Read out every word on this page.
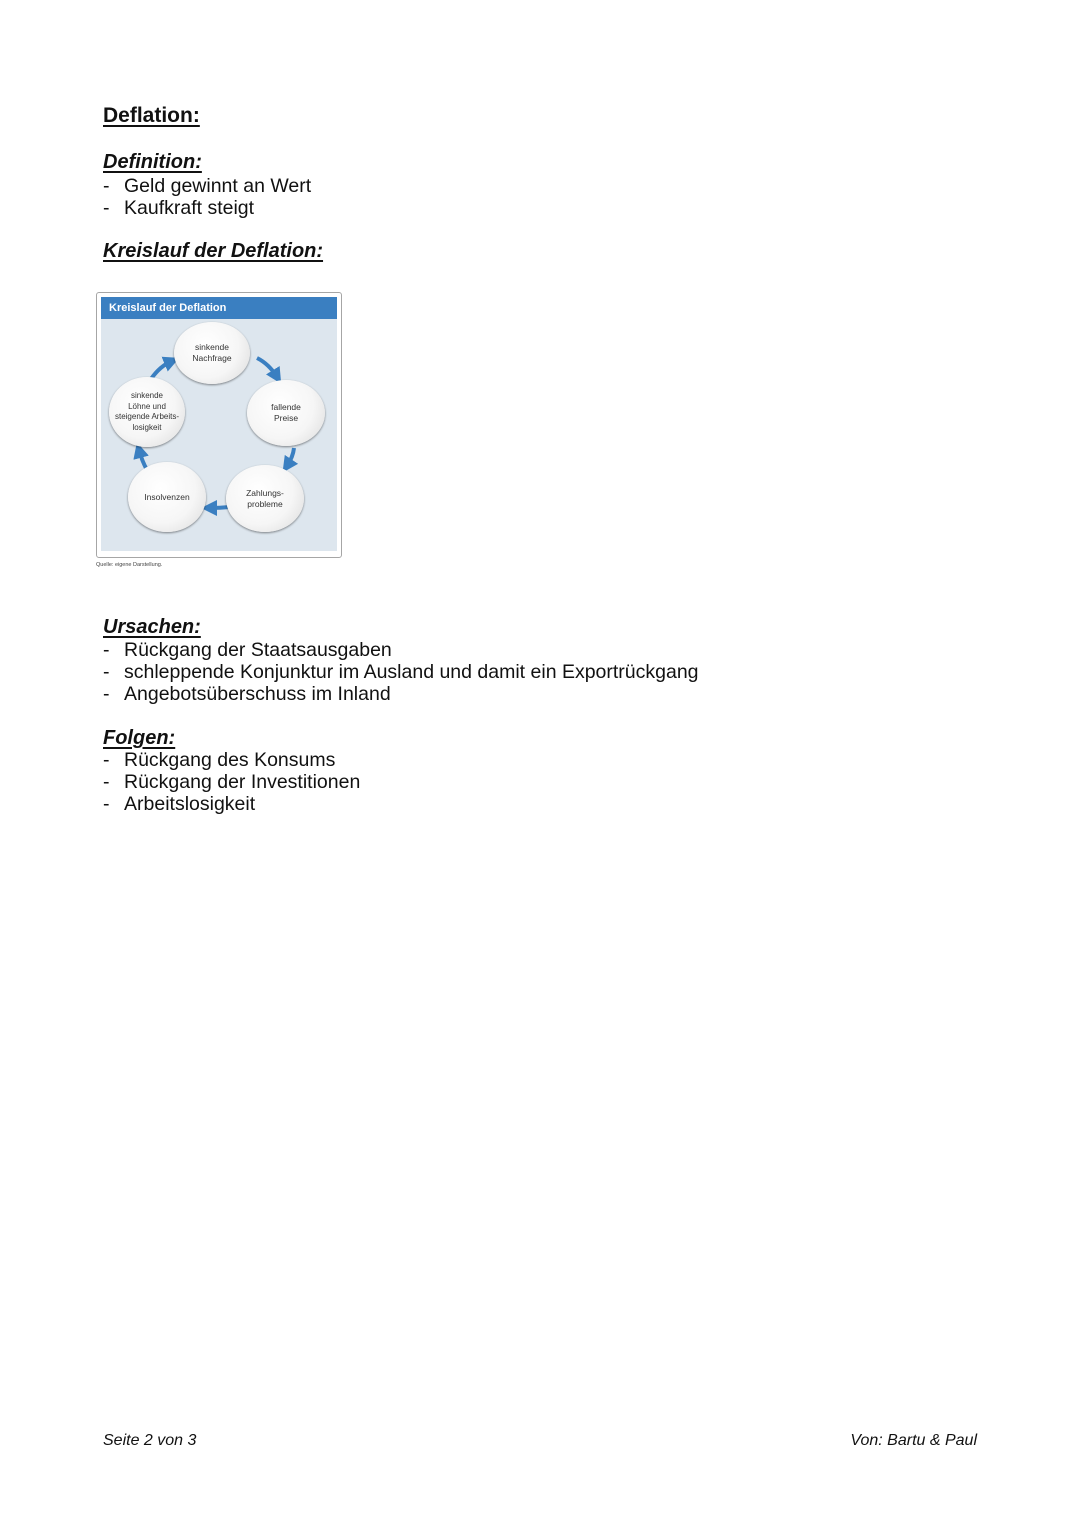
Deflation:
Definition:
- Geld gewinnt an Wert
- Kaufkraft steigt
Kreislauf der Deflation:
Kreislauf der Deflation
sinkende
Nachfrage
fallende
Preise
Zahlungs-
probleme
Insolvenzen
sinkende
Löhne und
steigende Arbeits-
losigkeit
Quelle: eigene Darstellung.
Ursachen:
- Rückgang der Staatsausgaben
- schleppende Konjunktur im Ausland und damit ein Exportrückgang
- Angebotsüberschuss im Inland
Folgen:
- Rückgang des Konsums
- Rückgang der Investitionen
- Arbeitslosigkeit
Seite 2 von 3	Von: Bartu & Paul
